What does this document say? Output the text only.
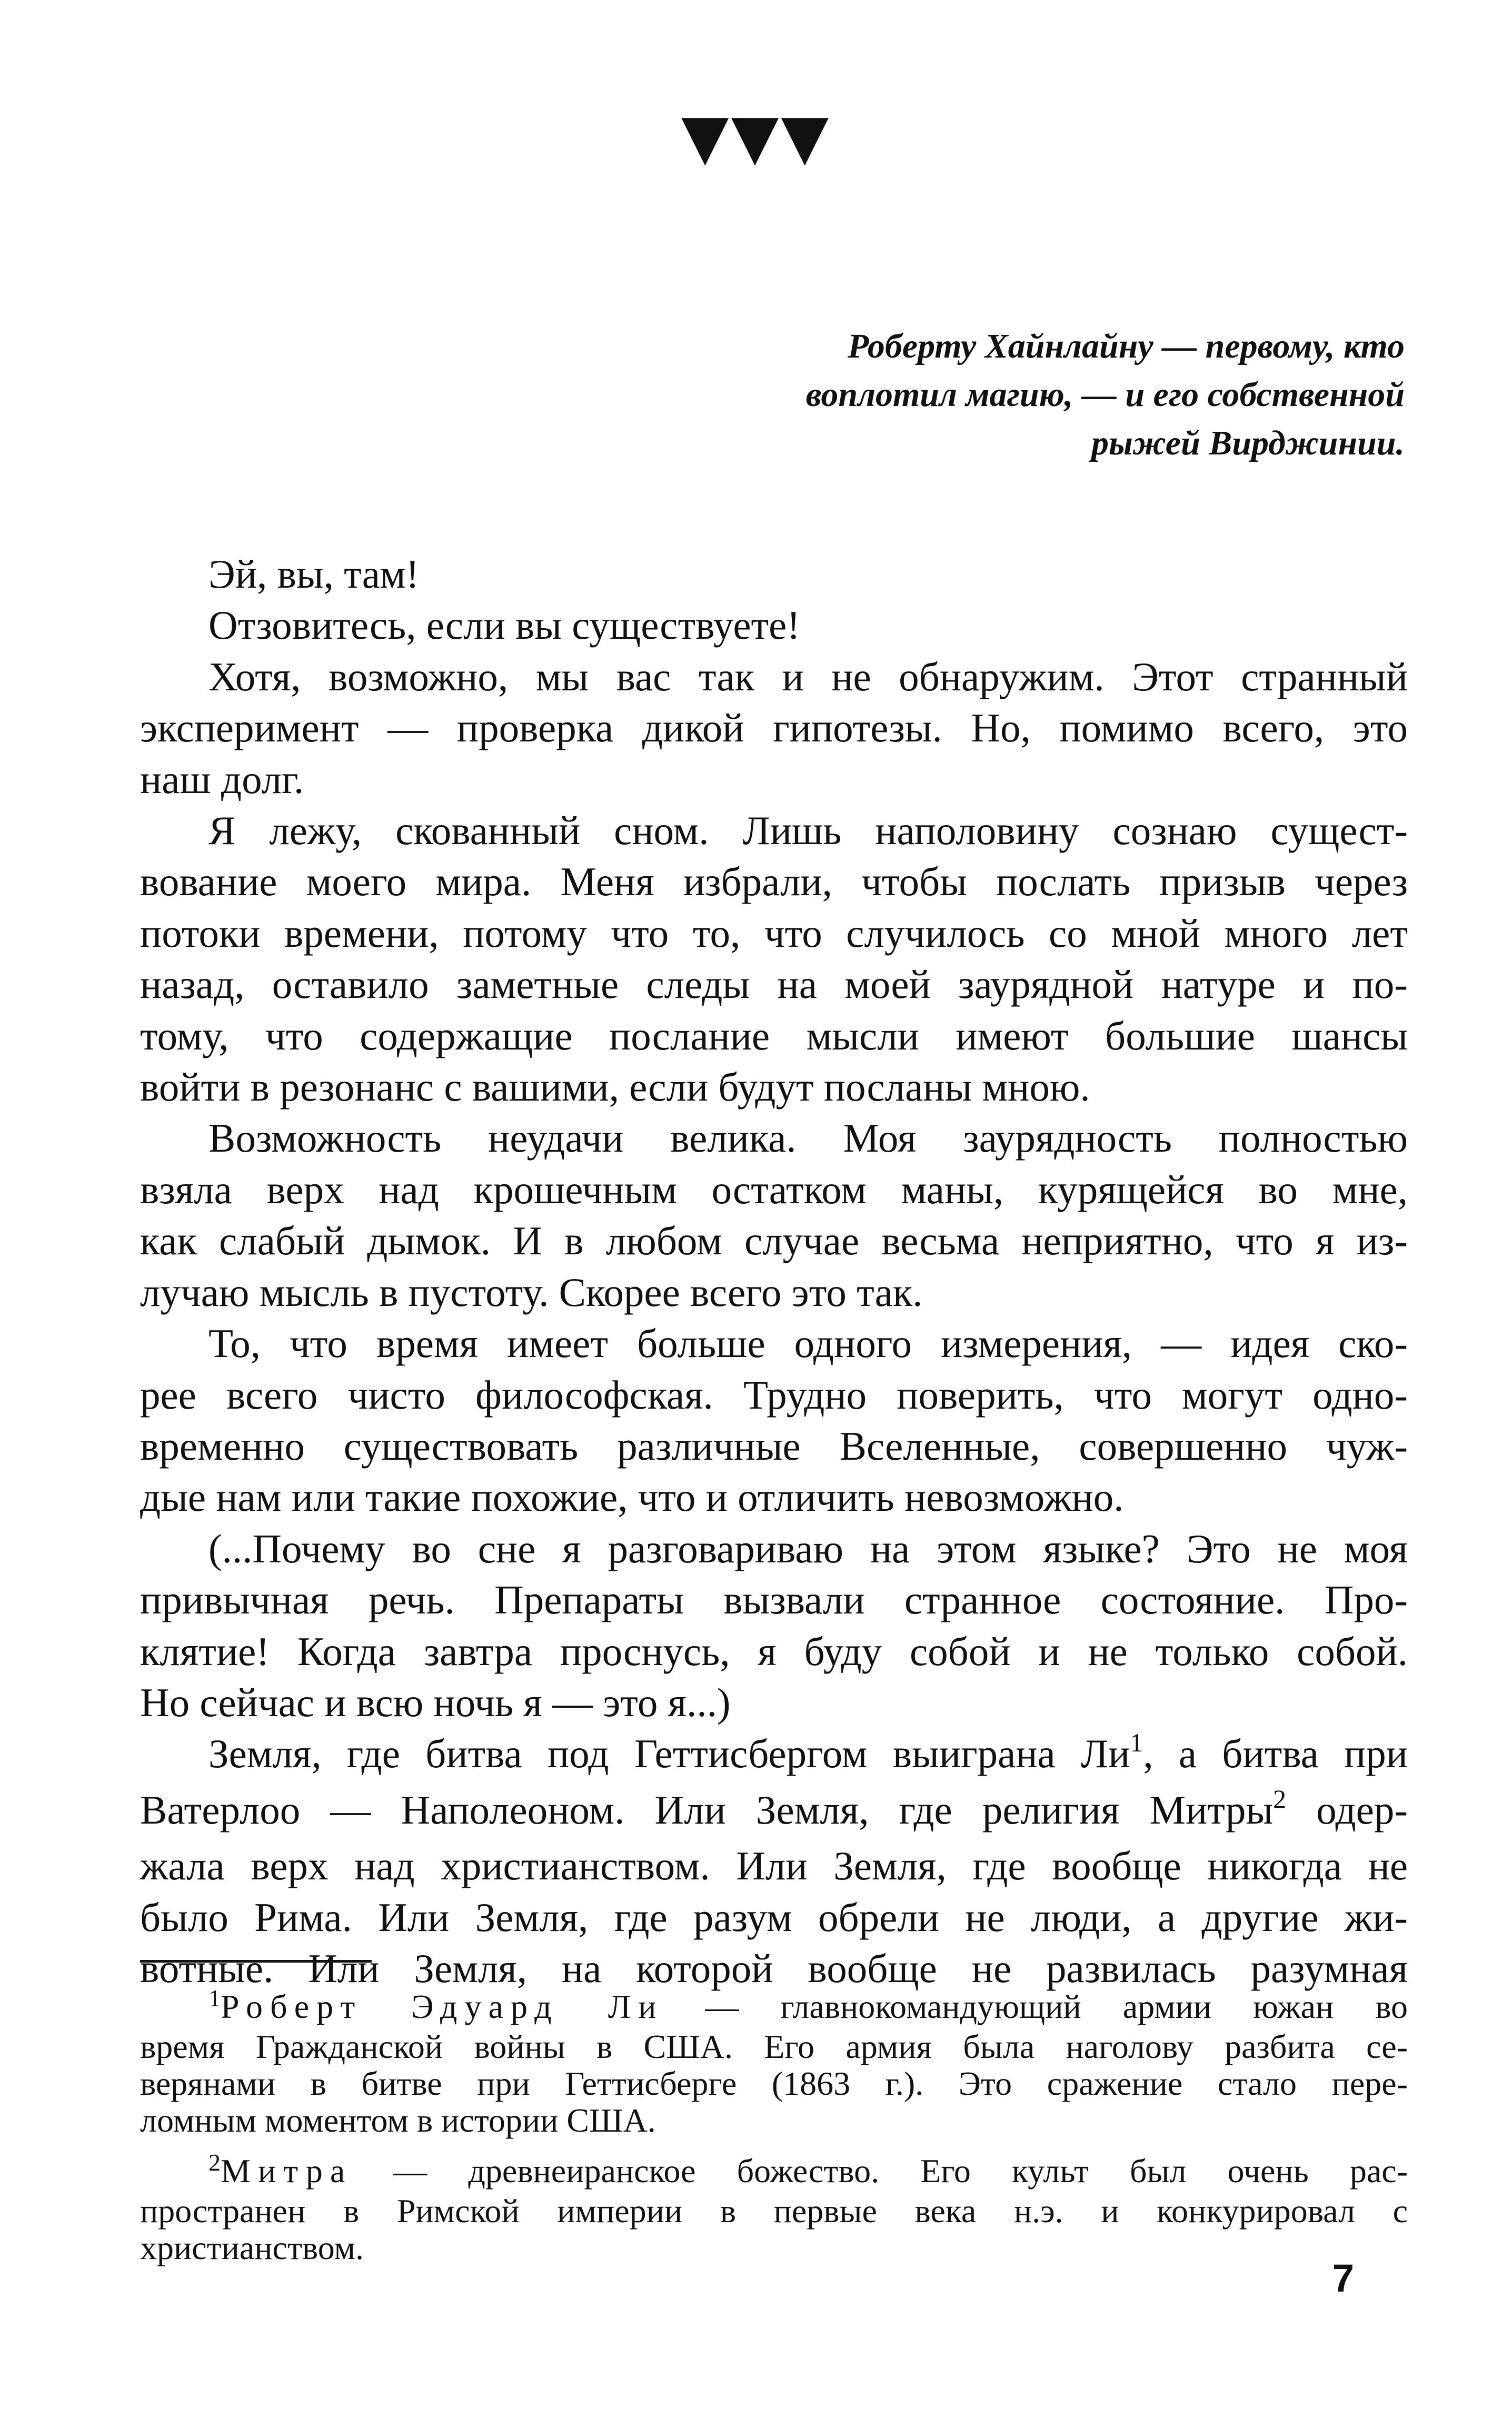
▼▼▼
Роберту Хайнлайну — первому, кто
воплотил магию, — и его собственной
рыжей Вирджинии.

Эй, вы, там!

Отзовитесь, если вы существуете!

Хотя, возможно, мы вас так и не обнаружим. Этот странный
эксперимент — проверка дикой гипотезы. Но, помимо всего, это
наш долг.

Я лежу, скованный сном. Лишь наполовину сознаю сущест-
вование моего мира. Меня избрали, чтобы послать призыв через
потоки времени, потому что то, что случилось со мной много лет
назад, оставило заметные следы на моей заурядной натуре и по-
тому, что содержащие послание мысли имеют большие шансы
войти в резонанс с вашими, если будут посланы мною.

Возможность неудачи велика. Моя заурядность полностью
взяла верх над крошечным остатком маны, курящейся во мне,
как слабый дымок. И в любом случае весьма неприятно, что я из-
лучаю мысль в пустоту. Скорее всего это так.

То, что время имеет больше одного измерения, — идея ско-
рее всего чисто философская. Трудно поверить, что могут одно-
временно существовать различные Вселенные, совершенно чуж-
дые нам или такие похожие, что и отличить невозможно.

(...Почему во сне я разговариваю на этом языке? Это не моя
привычная речь. Препараты вызвали странное состояние. Про-
клятие! Когда завтра проснусь, я буду собой и не только собой.
Но сейчас и всю ночь я — это я...)

Земля, где битва под Геттисбергом выиграна $Ли^1$, а битва при
Ватерлоо — Наполеоном. Или Земля, где религия Митры$^2$ одер-
жала верх над христианством. Или Земля, где вообще никогда не
было Рима. Или Земля, где разум обрели не люди, а другие жи-
вотные. Или Земля, на которой вообще не развилась разумная

$^1$Роберт Эдуард Ли — главнокомандующий армии южан во
время Гражданской войны в США. Его армия была наголову разбита се-
верянами в битве при Геттисберге (1863 г.). Это сражение стало пере-
ломным моментом в истории США.

$^2$Митра — древнеиранское божество. Его культ был очень рас-
пространен в Римской империи в первые века н.э. и конкурировал с
христианством.

7
